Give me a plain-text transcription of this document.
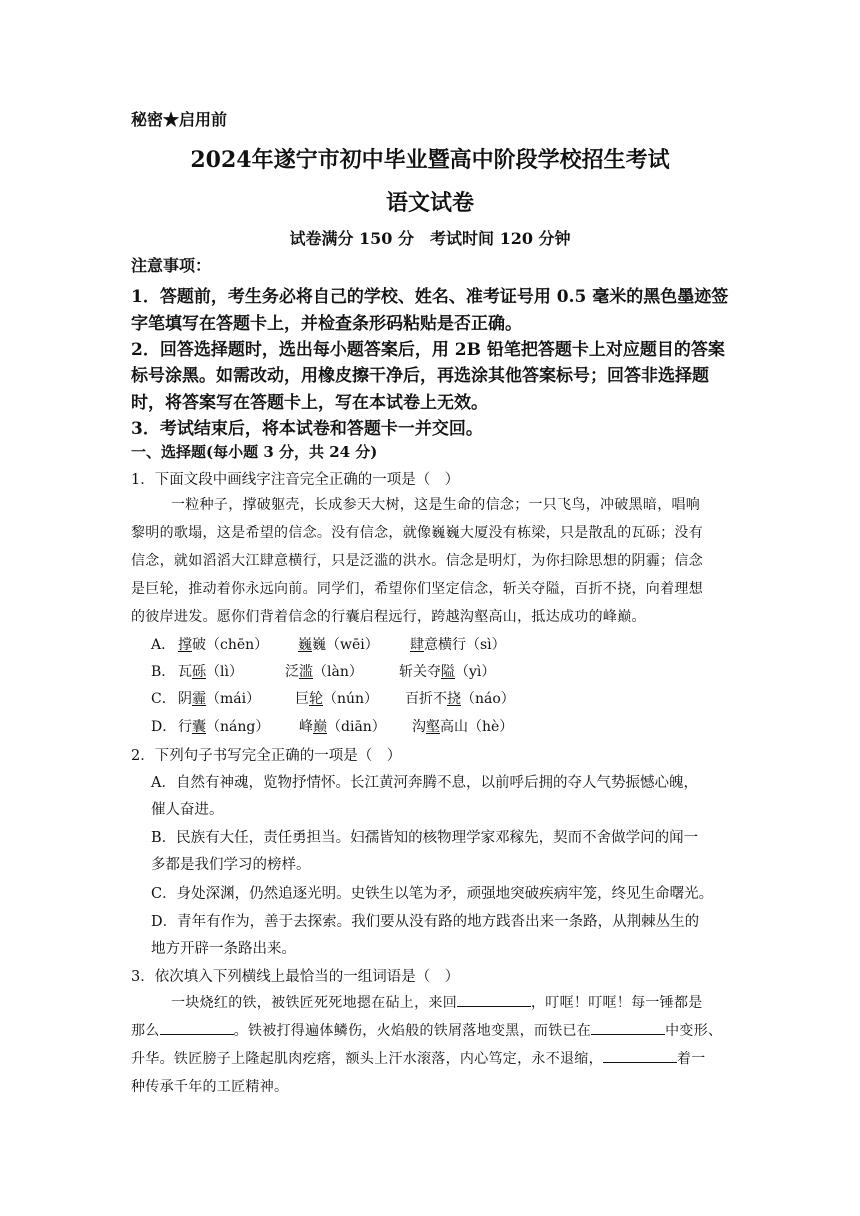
秘密★启用前
2024年遂宁市初中毕业暨高中阶段学校招生考试
语文试卷
试卷满分 150 分　考试时间 120 分钟
注意事项：
1．答题前，考生务必将自己的学校、姓名、准考证号用 0.5 毫米的黑色墨迹签
字笔填写在答题卡上，并检查条形码粘贴是否正确。
2．回答选择题时，选出每小题答案后，用 2B 铅笔把答题卡上对应题目的答案
标号涂黑。如需改动，用橡皮擦干净后，再选涂其他答案标号；回答非选择题
时，将答案写在答题卡上，写在本试卷上无效。
3．考试结束后，将本试卷和答题卡一并交回。
一、选择题(每小题 3 分，共 24 分)
1．下面文段中画线字注音完全正确的一项是（　）
一粒种子，撑破躯壳，长成参天大树，这是生命的信念；一只飞鸟，冲破黑暗，唱响
黎明的歌塌，这是希望的信念。没有信念，就像巍巍大厦没有栋梁，只是散乱的瓦砾；没有
信念，就如滔滔大江肆意横行，只是泛滥的洪水。信念是明灯，为你扫除思想的阴霾；信念
是巨轮，推动着你永远向前。同学们，希望你们坚定信念，斩关夺隘，百折不挠，向着理想
的彼岸进发。愿你们背着信念的行囊启程远行，跨越沟壑高山，抵达成功的峰巅。
A． 撑破（chēn） 巍巍（wēi） 肆意横行（sì）
B． 瓦砾（lì）	泛滥（làn）	斩关夺隘（yì）
C． 阴霾（mái） 巨轮（nún） 百折不挠（náo）
D． 行囊（náng） 峰巅（diān） 沟壑高山（hè）
2．下列句子书写完全正确的一项是（　）
A．自然有神魂，览物抒情怀。长江黄河奔腾不息，以前呼后拥的夺人气势振憾心魄，
催人奋进。
B．民族有大任，责任勇担当。妇孺皆知的核物理学家邓稼先，契而不舍做学问的闻一
多都是我们学习的榜样。
C．身处深渊，仍然追逐光明。史铁生以笔为矛，顽强地突破疾病牢笼，终见生命曙光。
D．青年有作为，善于去探索。我们要从没有路的地方践沓出来一条路，从荆棘丛生的
地方开辟一条路出来。
3．依次填入下列横线上最恰当的一组词语是（　）
一块烧红的铁，被铁匠死死地摁在砧上，来回	，叮哐！叮哐！每一锤都是
那么	。铁被打得遍体鳞伤，火焰般的铁屑落地变黑，而铁已在	中变形、
升华。铁匠膀子上隆起肌肉疙瘩，额头上汗水滚落，内心笃定，永不退缩，	着一
种传承千年的工匠精神。
